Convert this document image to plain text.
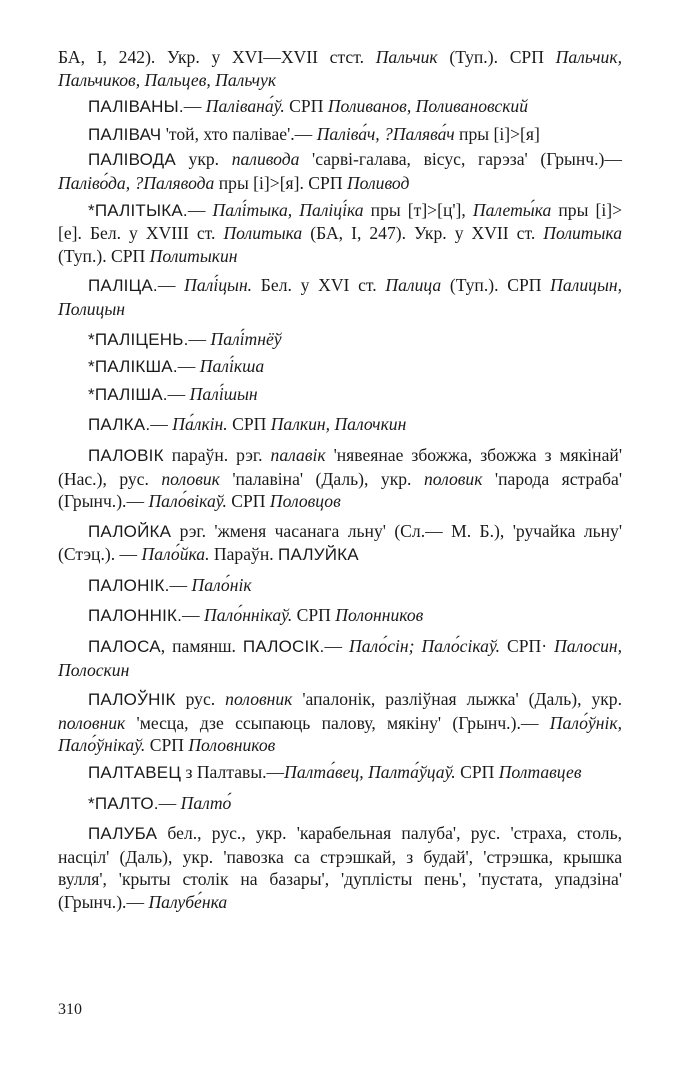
БА, I, 242). Укр. у XVI—XVII стст. Пальчик (Туп.). СРП Пальчик, Пальчиков, Пальцев, Пальчук

ПАЛІВАНЫ.— Палівана́ў. СРП Поливанов, Поливановский

ПАЛІВАЧ 'той, хто палівае'.— Паліва́ч, ?Палява́ч пры [і]>[я]

ПАЛІВОДА укр. паливода 'сарві-галава, вісус, гарэза' (Грынч.)— Паліво́да, ?Палявода пры [і]>[я]. СРП Поливод

*ПАЛІТЫКА.— Палі́тыка, Паліці́ка пры [т]>[ц'], Палеты́ка пры [і]>[е]. Бел. у XVIII ст. Политыка (БА, I, 247). Укр. у XVII ст. Политыка (Туп.). СРП Политыкин

ПАЛІЦА.— Палі́цын. Бел. у XVI ст. Палица (Туп.). СРП Палицын, Полицын

*ПАЛІЦЕНЬ.— Палі́тнёў

*ПАЛІКША.— Палі́кша

*ПАЛІША.— Палі́шын

ПАЛКА.— Па́лкін. СРП Палкин, Палочкин

ПАЛОВІК параўн. рэг. палавік 'нявеянае збожжа, збожжа з мякінай' (Нас.), рус. половик 'палавіна' (Даль), укр. половик 'парода ястраба' (Грынч.).— Пало́вікаў. СРП Половцов

ПАЛОЙКА рэг. 'жменя часанага льну' (Сл.— М. Б.), 'ручайка льну' (Стэц.). — Пало́йка. Параўн. ПАЛУЙКА

ПАЛОНІК.— Пало́нік

ПАЛОННІК.— Пало́ннікаў. СРП Полонников

ПАЛОСА, памянш. ПАЛОСІК.— Пало́сін; Пало́сікаў. СРП· Палосин, Полоскин

ПАЛОЎНІК рус. половник 'апалонік, разліўная лыжка' (Даль), укр. половник 'месца, дзе ссыпаюць палову, мякіну' (Грынч.).— Пало́ўнік, Пало́ўнікаў. СРП Половников

ПАЛТАВЕЦ з Палтавы.—Палта́вец, Палта́ўцаў. СРП Полтавцев

*ПАЛТО.— Палто́

ПАЛУБА бел., рус., укр. 'карабельная палуба', рус. 'страха, столь, насціл' (Даль), укр. 'павозка са стрэшкай, з будай', 'стрэшка, крышка вулля', 'крыты столік на базары', 'дуплісты пень', 'пустата, упадзіна' (Грынч.).— Палубе́нка

310
